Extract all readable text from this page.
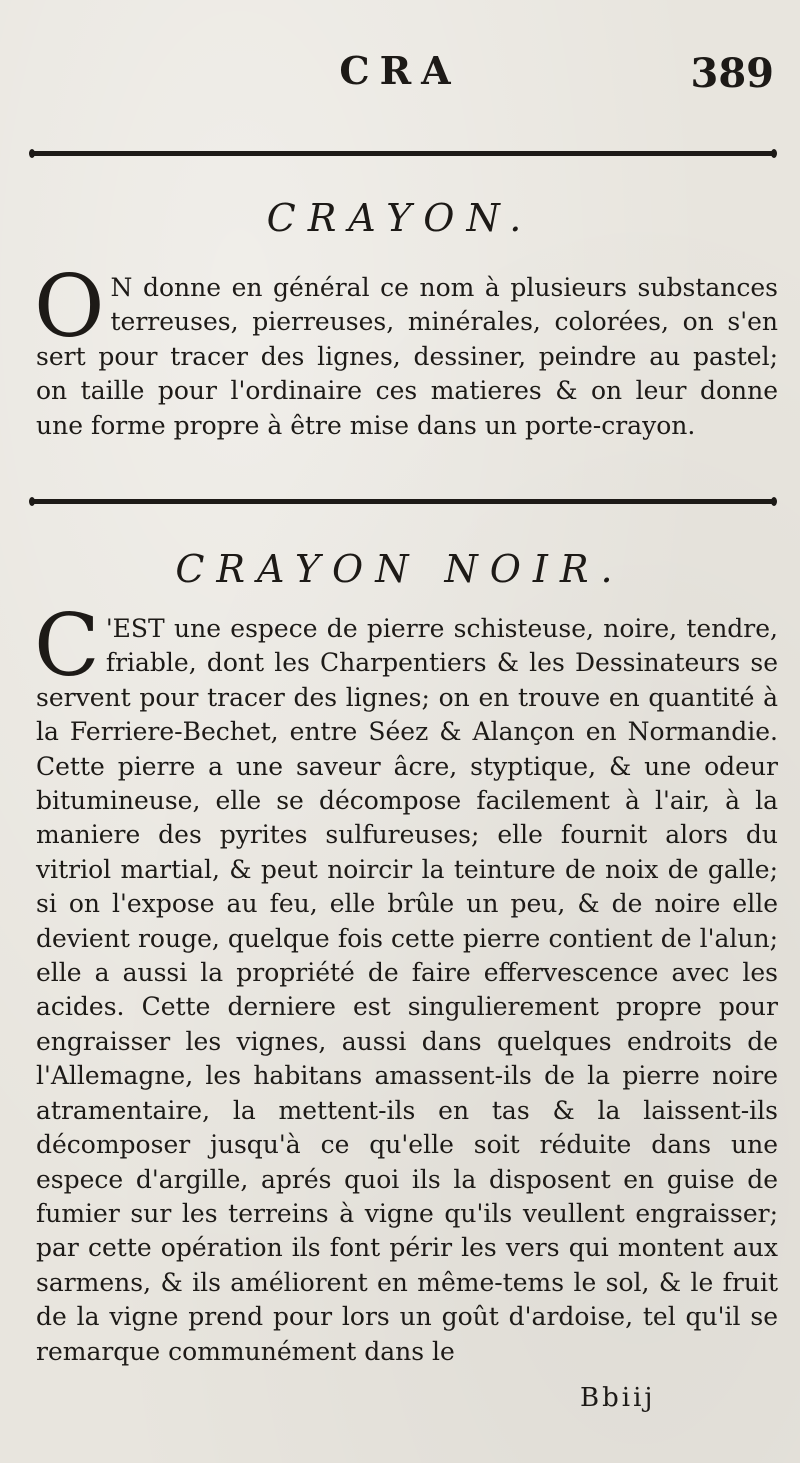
CRA	389
CRAYON.
O N donne en général ce nom à plusieurs substances terreuses, pierreuses, minérales, colorées, on s'en sert pour tracer des lignes, dessiner, peindre au pastel; on taille pour l'ordinaire ces matieres & on leur donne une forme propre à être mise dans un porte-crayon.
CRAYON NOIR.
C 'EST une espece de pierre schisteuse, noire, tendre, friable, dont les Charpentiers & les Dessinateurs se servent pour tracer des lignes; on en trouve en quantité à la Ferriere-Bechet, entre Séez & Alançon en Normandie. Cette pierre a une saveur âcre, styptique, & une odeur bitumineuse, elle se décompose facilement à l'air, à la maniere des pyrites sulfureuses; elle fournit alors du vitriol martial, & peut noircir la teinture de noix de galle; si on l'expose au feu, elle brûle un peu, & de noire elle devient rouge, quelque fois cette pierre contient de l'alun; elle a aussi la propriété de faire effervescence avec les acides. Cette derniere est singulierement propre pour engraisser les vignes, aussi dans quelques endroits de l'Allemagne, les habitans amassent-ils de la pierre noire atramentaire, la mettent-ils en tas & la laissent-ils décomposer jusqu'à ce qu'elle soit réduite dans une espece d'argille, aprés quoi ils la disposent en guise de fumier sur les terreins à vigne qu'ils veullent engraisser; par cette opération ils font périr les vers qui montent aux sarmens, & ils améliorent en même-tems le sol, & le fruit de la vigne prend pour lors un goût d'ardoise, tel qu'il se remarque communément dans le
Bbiij
